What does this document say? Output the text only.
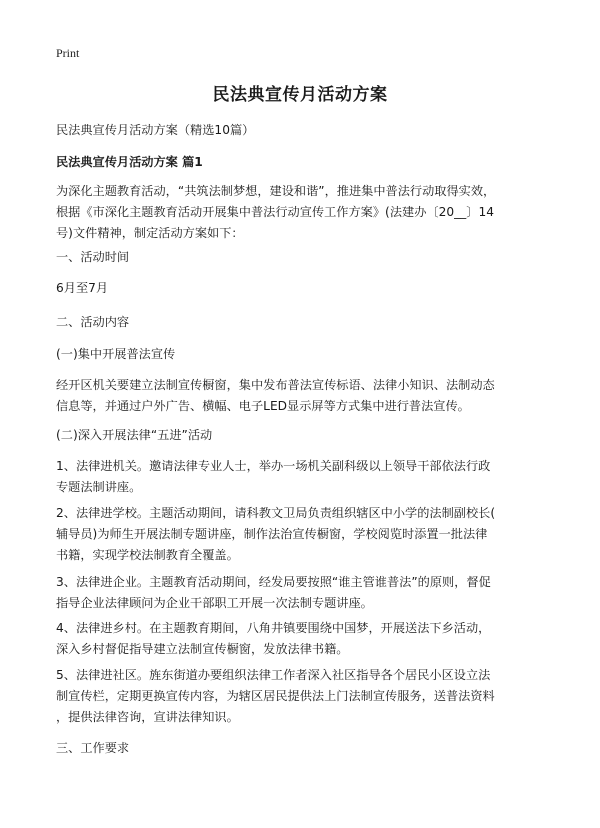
Print
民法典宣传月活动方案
民法典宣传月活动方案（精选10篇）
民法典宣传月活动方案 篇1
为深化主题教育活动，“共筑法制梦想，建设和谐”，推进集中普法行动取得实效，
根据《市深化主题教育活动开展集中普法行动宣传工作方案》(法建办〔20__〕14
号)文件精神，制定活动方案如下：
一、活动时间
6月至7月
二、活动内容
(一)集中开展普法宣传
经开区机关要建立法制宣传橱窗，集中发布普法宣传标语、法律小知识、法制动态
信息等，并通过户外广告、横幅、电子LED显示屏等方式集中进行普法宣传。
(二)深入开展法律“五进”活动
1、法律进机关。邀请法律专业人士，举办一场机关副科级以上领导干部依法行政
专题法制讲座。
2、法律进学校。主题活动期间，请科教文卫局负责组织辖区中小学的法制副校长(
辅导员)为师生开展法制专题讲座，制作法治宣传橱窗，学校阅览时添置一批法律
书籍，实现学校法制教育全覆盖。
3、法律进企业。主题教育活动期间，经发局要按照“谁主管谁普法”的原则，督促
指导企业法律顾问为企业干部职工开展一次法制专题讲座。
4、法律进乡村。在主题教育期间，八角井镇要围绕中国梦，开展送法下乡活动，
深入乡村督促指导建立法制宣传橱窗，发放法律书籍。
5、法律进社区。旌东街道办要组织法律工作者深入社区指导各个居民小区设立法
制宣传栏，定期更换宣传内容，为辖区居民提供法上门法制宣传服务，送普法资料
，提供法律咨询，宣讲法律知识。
三、工作要求
